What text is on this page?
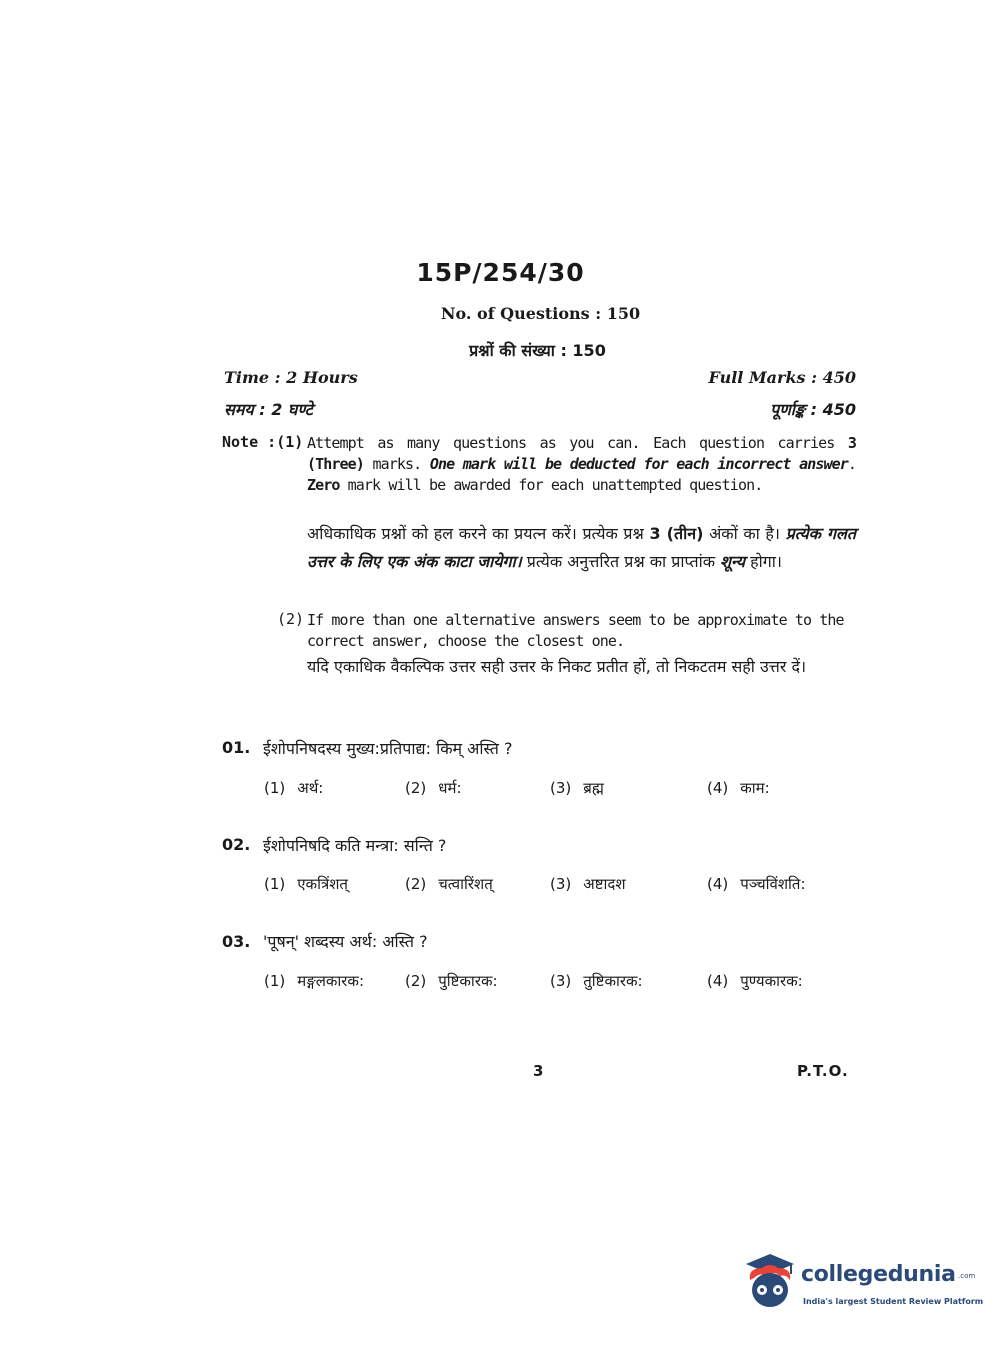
15P/254/30
No. of Questions : 150
प्रश्नों की संख्या : 150
Time : 2 Hours
समय : 2 घण्टे
Full Marks : 450
पूर्णाङ्क : 450
Note :(1) Attempt as many questions as you can. Each question carries 3 (Three) marks. One mark will be deducted for each incorrect answer. Zero mark will be awarded for each unattempted question.
अधिकाधिक प्रश्नों को हल करने का प्रयत्न करें। प्रत्येक प्रश्न 3 (तीन) अंकों का है। प्रत्येक गलत उत्तर के लिए एक अंक काटा जायेगा। प्रत्येक अनुत्तरित प्रश्न का प्राप्तांक शून्य होगा।
(2) If more than one alternative answers seem to be approximate to the correct answer, choose the closest one.
यदि एकाधिक वैकल्पिक उत्तर सही उत्तर के निकट प्रतीत हों, तो निकटतम सही उत्तर दें।
01. ईशोपनिषदस्य मुख्य:प्रतिपाद्य: किम् अस्ति ?
(1) अर्थ:	(2) धर्म:	(3) ब्रह्म	(4) काम:
02. ईशोपनिषदि कति मन्त्रा: सन्ति ?
(1) एकत्रिंशत्	(2) चत्वारिंशत्	(3) अष्टादश	(4) पञ्चविंशति:
03. 'पूषन्' शब्दस्य अर्थ: अस्ति ?
(1) मङ्गलकारक:	(2) पुष्टिकारक:	(3) तुष्टिकारक:	(4) पुण्यकारक:
3	P.T.O.
collegedunia .com
India's largest Student Review Platform
